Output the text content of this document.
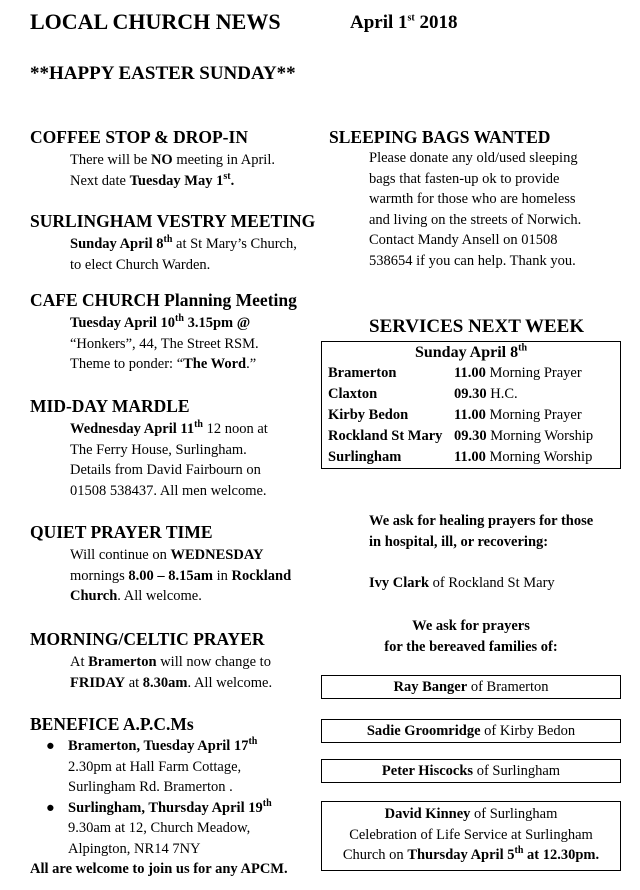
LOCAL CHURCH NEWS	April 1st 2018
**HAPPY EASTER SUNDAY**
COFFEE STOP & DROP-IN
There will be NO meeting in April.
Next date Tuesday May 1st.
SURLINGHAM VESTRY MEETING
Sunday April 8th at St Mary’s Church,
to elect Church Warden.
CAFE CHURCH Planning Meeting
Tuesday April 10th 3.15pm @
“Honkers”, 44, The Street RSM.
Theme to ponder: “The Word.”
MID-DAY MARDLE
Wednesday April 11th 12 noon at
The Ferry House, Surlingham.
Details from David Fairbourn on
01508 538437. All men welcome.
QUIET PRAYER TIME
Will continue on WEDNESDAY
mornings 8.00 – 8.15am in Rockland
Church. All welcome.
MORNING/CELTIC PRAYER
At Bramerton will now change to
FRIDAY at 8.30am. All welcome.
BENEFICE A.P.C.Ms
● Bramerton, Tuesday April 17th
2.30pm at Hall Farm Cottage,
Surlingham Rd. Bramerton .
● Surlingham, Thursday April 19th
9.30am at 12, Church Meadow,
Alpington, NR14 7NY
All are welcome to join us for any APCM.
SLEEPING BAGS WANTED
Please donate any old/used sleeping
bags that fasten-up ok to provide
warmth for those who are homeless
and living on the streets of Norwich.
Contact Mandy Ansell on 01508
538654 if you can help. Thank you.
SERVICES NEXT WEEK
Sunday April 8th
Bramerton	11.00 Morning Prayer
Claxton	09.30 H.C.
Kirby Bedon	11.00 Morning Prayer
Rockland St Mary	09.30 Morning Worship
Surlingham	11.00 Morning Worship
We ask for healing prayers for those
in hospital, ill, or recovering:
Ivy Clark of Rockland St Mary
We ask for prayers
for the bereaved families of:
Ray Banger of Bramerton
Sadie Groomridge of Kirby Bedon
Peter Hiscocks of Surlingham
David Kinney of Surlingham
Celebration of Life Service at Surlingham
Church on Thursday April 5th at 12.30pm.
